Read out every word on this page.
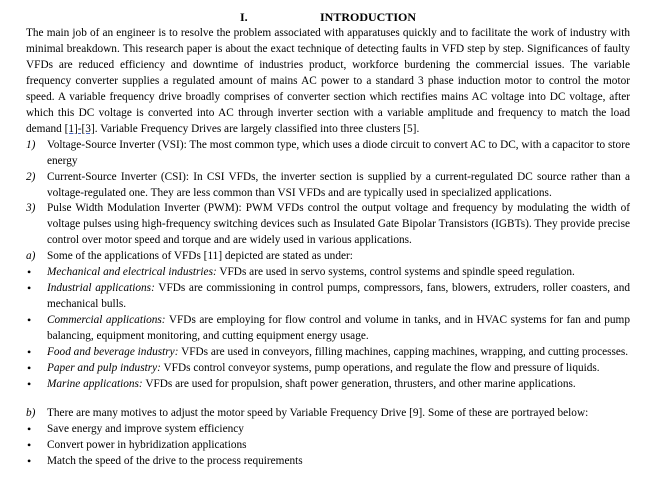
I.	INTRODUCTION

The main job of an engineer is to resolve the problem associated with apparatuses quickly and to facilitate the work of industry with minimal breakdown. This research paper is about the exact technique of detecting faults in VFD step by step. Significances of faulty VFDs are reduced efficiency and downtime of industries product, workforce burdening the commercial issues. The variable frequency converter supplies a regulated amount of mains AC power to a standard 3 phase induction motor to control the motor speed. A variable frequency drive broadly comprises of converter section which rectifies mains AC voltage into DC voltage, after which this DC voltage is converted into AC through inverter section with a variable amplitude and frequency to match the load demand [1]-[3]. Variable Frequency Drives are largely classified into three clusters [5].

1)	Voltage-Source Inverter (VSI): The most common type, which uses a diode circuit to convert AC to DC, with a capacitor to store energy
2)	Current-Source Inverter (CSI): In CSI VFDs, the inverter section is supplied by a current-regulated DC source rather than a voltage-regulated one. They are less common than VSI VFDs and are typically used in specialized applications.
3)	Pulse Width Modulation Inverter (PWM): PWM VFDs control the output voltage and frequency by modulating the width of voltage pulses using high-frequency switching devices such as Insulated Gate Bipolar Transistors (IGBTs). They provide precise control over motor speed and torque and are widely used in various applications.
a)	Some of the applications of VFDs [11] depicted are stated as under:
•	Mechanical and electrical industries: VFDs are used in servo systems, control systems and spindle speed regulation.
•	Industrial applications: VFDs are commissioning in control pumps, compressors, fans, blowers, extruders, roller coasters, and mechanical bulls.
•	Commercial applications: VFDs are employing for flow control and volume in tanks, and in HVAC systems for fan and pump balancing, equipment monitoring, and cutting equipment energy usage.
•	Food and beverage industry: VFDs are used in conveyors, filling machines, capping machines, wrapping, and cutting processes.
•	Paper and pulp industry: VFDs control conveyor systems, pump operations, and regulate the flow and pressure of liquids.
•	Marine applications: VFDs are used for propulsion, shaft power generation, thrusters, and other marine applications.
b)	There are many motives to adjust the motor speed by Variable Frequency Drive [9]. Some of these are portrayed below:
•	Save energy and improve system efficiency
•	Convert power in hybridization applications
•	Match the speed of the drive to the process requirements
